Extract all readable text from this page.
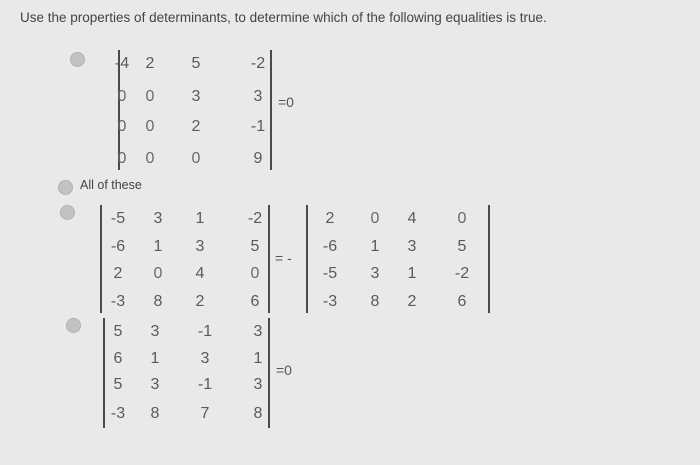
Use the properties of determinants, to determine which of the following equalities is true.
=0
All of these
= -
=0
-4	2	5	-2
0	0	3	3
0	0	2	-1
0	0	0	9
-5	3	1	-2
-6	1	3	5
2	0	4	0
-3	8	2	6
2	0	4	0
-6	1	3	5
-5	3	1	-2
-3	8	2	6
5	3	-1	3
6	1	3	1
5	3	-1	3
-3	8	7	8
